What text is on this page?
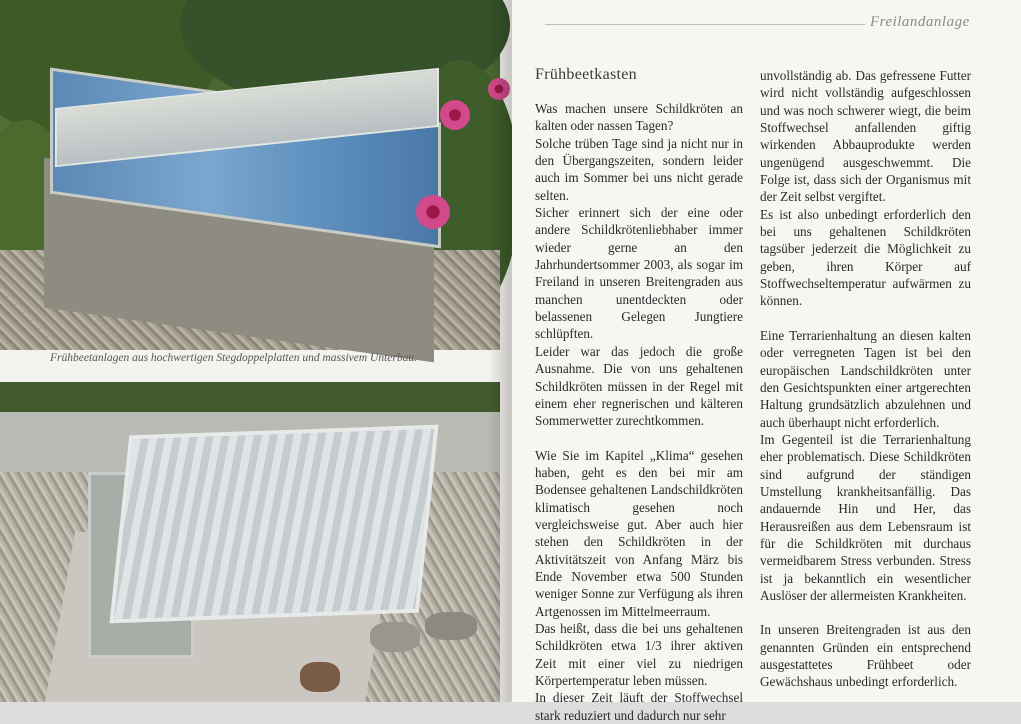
Frühbeetanlagen aus hochwertigen Stegdoppelplatten und massivem Unterbau.
Freilandanlage
Frühbeetkasten

Was machen unsere Schildkröten an kalten oder nassen Tagen?

Solche trüben Tage sind ja nicht nur in den Übergangszeiten, sondern leider auch im Sommer bei uns nicht gerade selten.

Sicher erinnert sich der eine oder andere Schildkrötenliebhaber immer wieder gerne an den Jahrhundertsommer 2003, als sogar im Freiland in unseren Breitengraden aus manchen unentdeckten oder belassenen Gelegen Jungtiere schlüpften.

Leider war das jedoch die große Ausnahme. Die von uns gehaltenen Schildkröten müssen in der Regel mit einem eher regnerischen und kälteren Sommerwetter zurechtkommen.

Wie Sie im Kapitel „Klima“ gesehen haben, geht es den bei mir am Bodensee gehaltenen Landschildkröten klimatisch gesehen noch vergleichsweise gut. Aber auch hier stehen den Schildkröten in der Aktivitätszeit von Anfang März bis Ende November etwa 500 Stunden weniger Sonne zur Verfügung als ihren Artgenossen im Mittelmeerraum.

Das heißt, dass die bei uns gehaltenen Schildkröten etwa 1/3 ihrer aktiven Zeit mit einer viel zu niedrigen Körpertemperatur leben müssen.

In dieser Zeit läuft der Stoffwechsel stark reduziert und dadurch nur sehr

unvollständig ab. Das gefressene Futter wird nicht vollständig aufgeschlossen und was noch schwerer wiegt, die beim Stoffwechsel anfallenden giftig wirkenden Abbauprodukte werden ungenügend ausgeschwemmt. Die Folge ist, dass sich der Organismus mit der Zeit selbst vergiftet.

Es ist also unbedingt erforderlich den bei uns gehaltenen Schildkröten tagsüber jederzeit die Möglichkeit zu geben, ihren Körper auf Stoffwechseltemperatur aufwärmen zu können.

Eine Terrarienhaltung an diesen kalten oder verregneten Tagen ist bei den europäischen Landschildkröten unter den Gesichtspunkten einer artgerechten Haltung grundsätzlich abzulehnen und auch überhaupt nicht erforderlich.

Im Gegenteil ist die Terrarienhaltung eher problematisch. Diese Schildkröten sind aufgrund der ständigen Umstellung krankheitsanfällig. Das andauernde Hin und Her, das Herausreißen aus dem Lebensraum ist für die Schildkröten mit durchaus vermeidbarem Stress verbunden. Stress ist ja bekanntlich ein wesentlicher Auslöser der allermeisten Krankheiten.

In unseren Breitengraden ist aus den genannten Gründen ein entsprechend ausgestattetes Frühbeet oder Gewächshaus unbedingt erforderlich.
